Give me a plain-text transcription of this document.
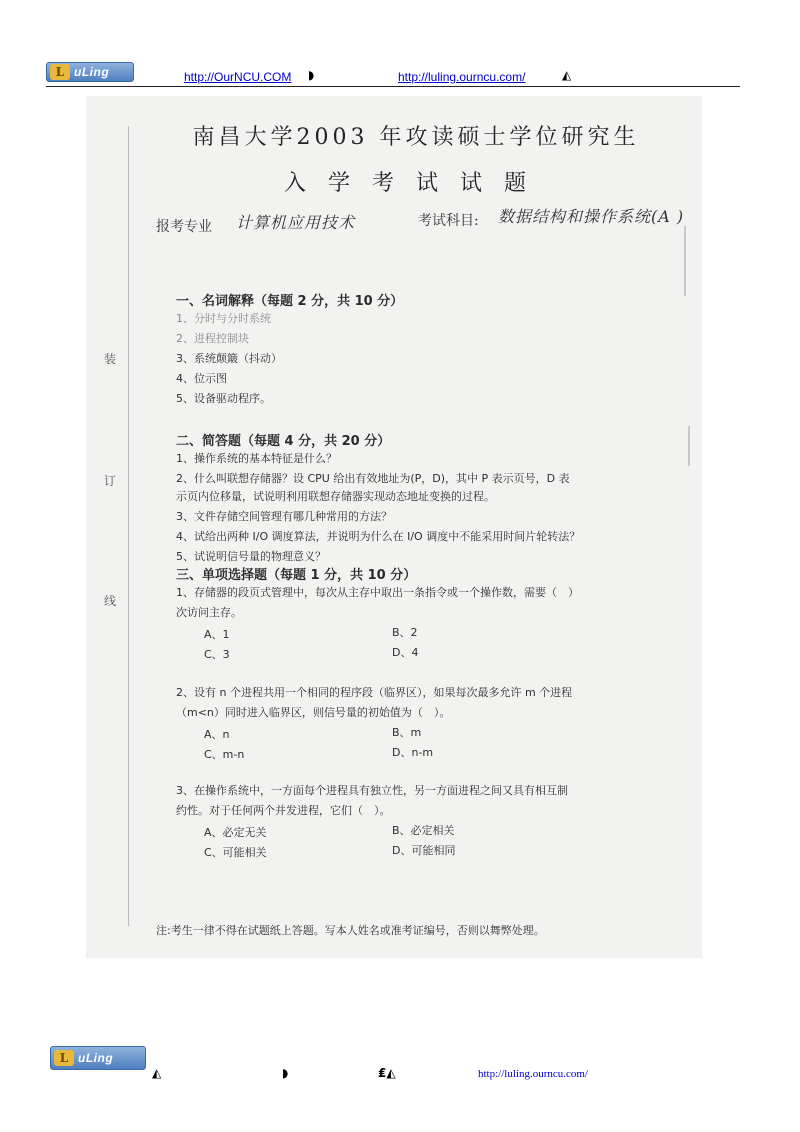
L uLing	http://OurNCU.COM ◗	http://luling.ourncu.com/	◭
装
订
线
南昌大学2003 年攻读硕士学位研究生
入学考试试题
报考专业 计算机应用技术	考试科目: 数据结构和操作系统(A )
一、名词解释（每题 2 分，共 10 分）
1、分时与分时系统
2、进程控制块
3、系统颠簸（抖动）
4、位示图
5、设备驱动程序。
二、简答题（每题 4 分，共 20 分）
1、操作系统的基本特征是什么？
2、什么叫联想存储器？设 CPU 给出有效地址为(P，D)，其中 P 表示页号，D 表
示页内位移量，试说明利用联想存储器实现动态地址变换的过程。
3、文件存储空间管理有哪几种常用的方法？
4、试给出两种 I/O 调度算法，并说明为什么在 I/O 调度中不能采用时间片轮转法？
5、试说明信号量的物理意义？
三、单项选择题（每题 1 分，共 10 分）
1、存储器的段页式管理中，每次从主存中取出一条指令或一个操作数，需要（　）
次访问主存。
A、1	B、2
C、3	D、4
2、设有 n 个进程共用一个相同的程序段（临界区），如果每次最多允许 m 个进程
（m<n）同时进入临界区，则信号量的初始值为（　）。
A、n	B、m
C、m-n	D、n-m
3、在操作系统中，一方面每个进程具有独立性，另一方面进程之间又具有相互制
约性。对于任何两个并发进程，它们（　）。
A、必定无关	B、必定相关
C、可能相关	D、可能相同
注:考生一律不得在试题纸上答题。写本人姓名或准考证编号，否则以舞弊处理。
L uLing
◭	◗	₤◭	http://luling.ourncu.com/
